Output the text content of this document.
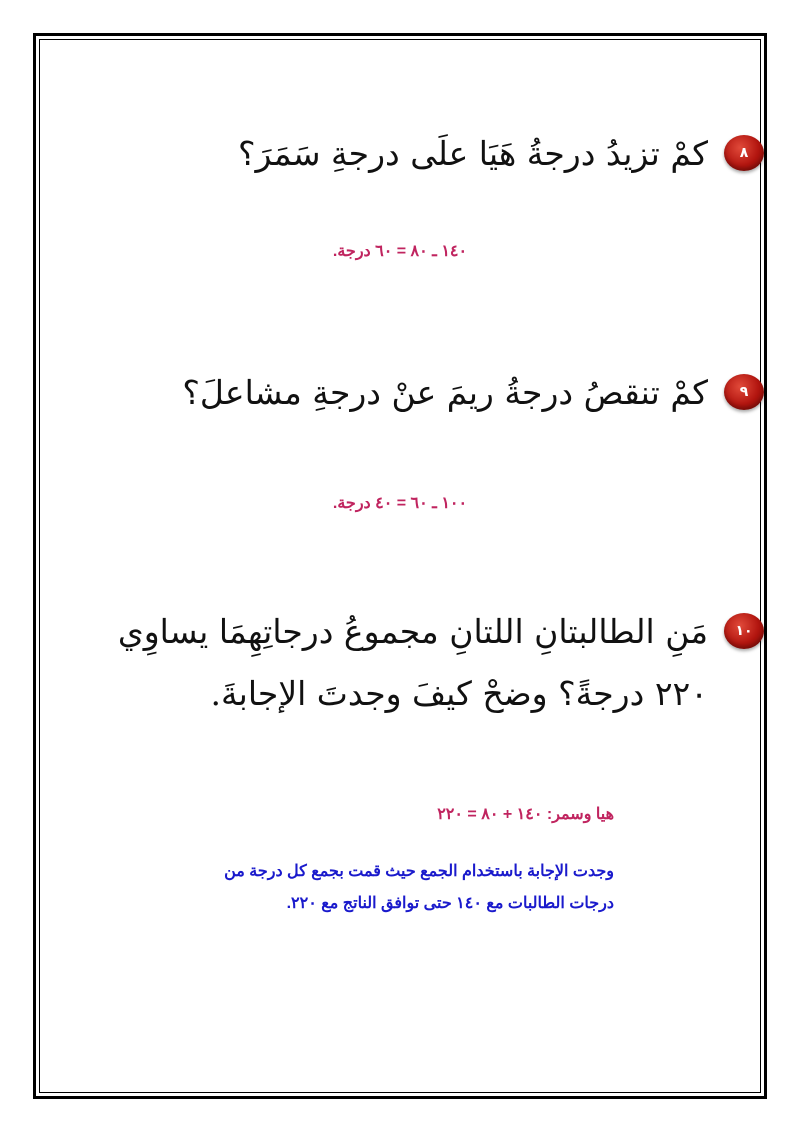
٨
كمْ تزيدُ درجةُ هَيَا علَى درجةِ سَمَرَ؟
١٤٠ ـ ٨٠ = ٦٠ درجة.
٩
كمْ تنقصُ درجةُ ريمَ عنْ درجةِ مشاعلَ؟
١٠٠ ـ ٦٠ = ٤٠ درجة.
١٠
مَنِ الطالبتانِ اللتانِ مجموعُ درجاتِهِمَا يساوِي
٢٢٠ درجةً؟ وضحْ كيفَ وجدتَ الإجابةَ.
هيا وسمر: ١٤٠ + ٨٠ = ٢٢٠
وجدت الإجابة باستخدام الجمع حيث قمت بجمع كل درجة من
درجات الطالبات مع ١٤٠ حتى توافق الناتج مع ٢٢٠.
